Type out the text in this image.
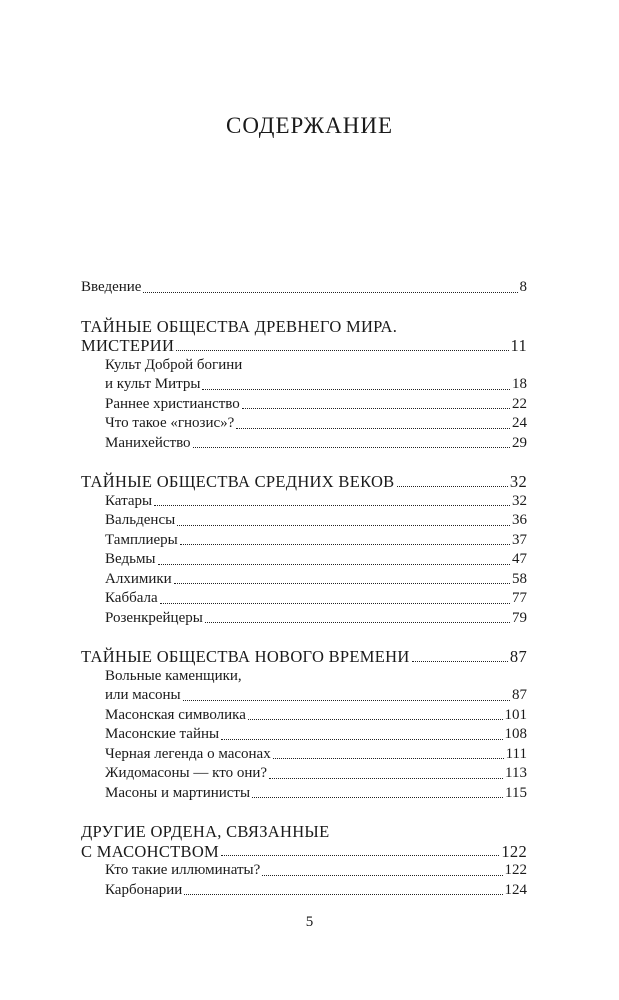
СОДЕРЖАНИЕ
Введение	8
ТАЙНЫЕ ОБЩЕСТВА ДРЕВНЕГО МИРА.
МИСТЕРИИ	11
Культ Доброй богини
и культ Митры	18
Раннее христианство	22
Что такое «гнозис»?	24
Манихейство	29
ТАЙНЫЕ ОБЩЕСТВА СРЕДНИХ ВЕКОВ	32
Катары	32
Вальденсы	36
Тамплиеры	37
Ведьмы	47
Алхимики	58
Каббала	77
Розенкрейцеры	79
ТАЙНЫЕ ОБЩЕСТВА НОВОГО ВРЕМЕНИ	87
Вольные каменщики,
или масоны	87
Масонская символика	101
Масонские тайны	108
Черная легенда о масонах	111
Жидомасоны — кто они?	113
Масоны и мартинисты	115
ДРУГИЕ ОРДЕНА, СВЯЗАННЫЕ
С МАСОНСТВОМ	122
Кто такие иллюминаты?	122
Карбонарии	124
5
